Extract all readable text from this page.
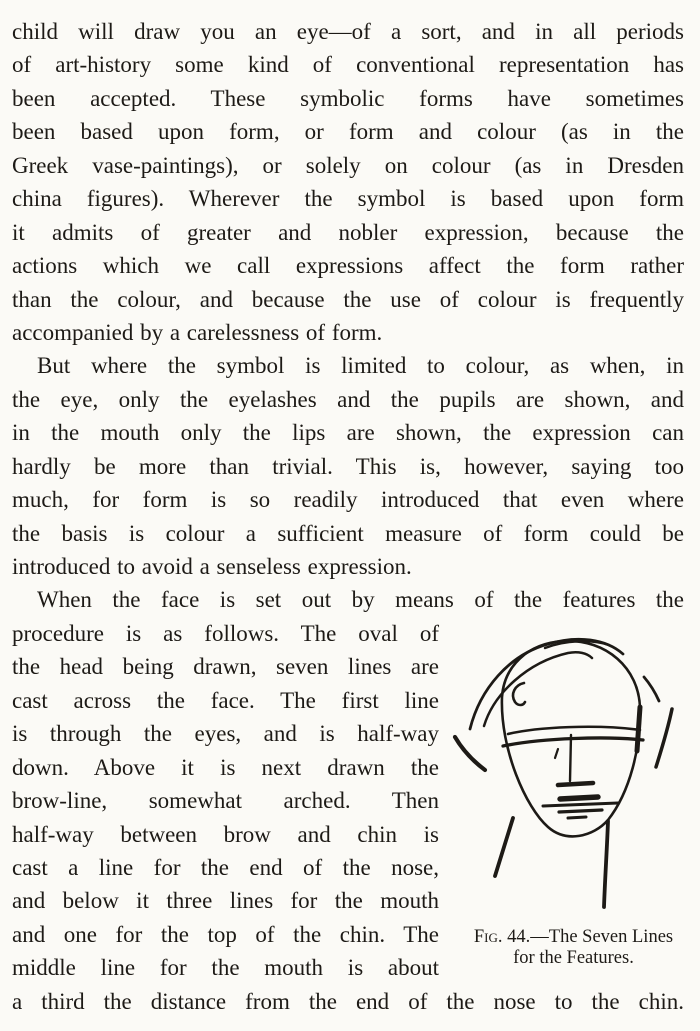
child will draw you an eye—of a sort, and in all periods
of art-history some kind of conventional representation has
been accepted. These symbolic forms have sometimes
been based upon form, or form and colour (as in the
Greek vase-paintings), or solely on colour (as in Dresden
china figures). Wherever the symbol is based upon form
it admits of greater and nobler expression, because the
actions which we call expressions affect the form rather
than the colour, and because the use of colour is frequently
accompanied by a carelessness of form.
But where the symbol is limited to colour, as when, in
the eye, only the eyelashes and the pupils are shown, and
in the mouth only the lips are shown, the expression can
hardly be more than trivial. This is, however, saying too
much, for form is so readily introduced that even where
the basis is colour a sufficient measure of form could be
introduced to avoid a senseless expression.
When the face is set out by means of the features the
procedure is as follows. The oval of
the head being drawn, seven lines are
cast across the face. The first line
is through the eyes, and is half-way
down. Above it is next drawn the
brow-line, somewhat arched. Then
half-way between brow and chin is
cast a line for the end of the nose,
and below it three lines for the mouth
and one for the top of the chin. The
middle line for the mouth is about
a third the distance from the end of the nose to the chin.
Fig. 44.—The Seven Lines
for the Features.
